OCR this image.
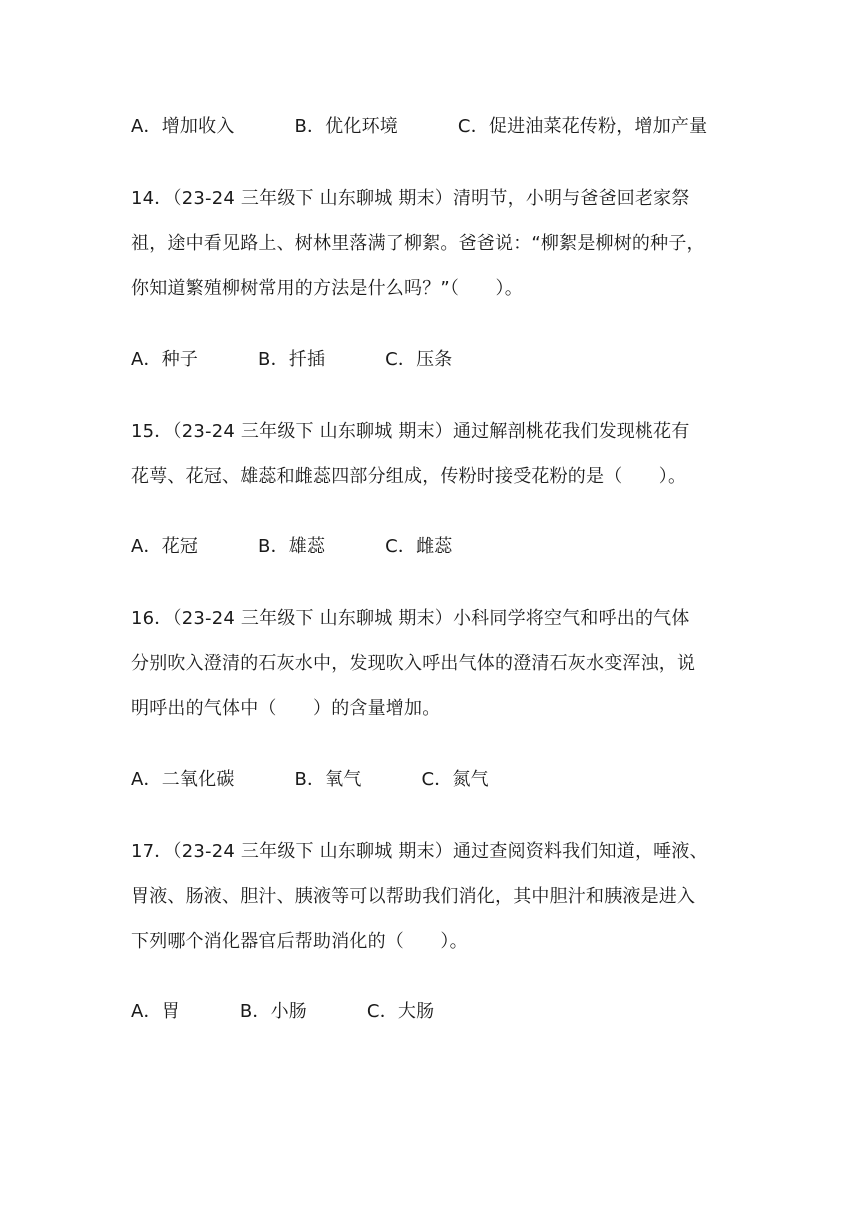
A．增加收入	B．优化环境	C．促进油菜花传粉，增加产量
14．（23-24 三年级下 山东聊城 期末）清明节，小明与爸爸回老家祭
祖，途中看见路上、树林里落满了柳絮。爸爸说：“柳絮是柳树的种子，
你知道繁殖柳树常用的方法是什么吗？”（　　）。
A．种子	B．扦插	C．压条
15．（23-24 三年级下 山东聊城 期末）通过解剖桃花我们发现桃花有
花萼、花冠、雄蕊和雌蕊四部分组成，传粉时接受花粉的是（　　）。
A．花冠	B．雄蕊	C．雌蕊
16．（23-24 三年级下 山东聊城 期末）小科同学将空气和呼出的气体
分别吹入澄清的石灰水中，发现吹入呼出气体的澄清石灰水变浑浊，说
明呼出的气体中（　　）的含量增加。
A．二氧化碳	B．氧气	C．氮气
17．（23-24 三年级下 山东聊城 期末）通过查阅资料我们知道，唾液、
胃液、肠液、胆汁、胰液等可以帮助我们消化，其中胆汁和胰液是进入
下列哪个消化器官后帮助消化的（　　）。
A．胃	B．小肠	C．大肠
